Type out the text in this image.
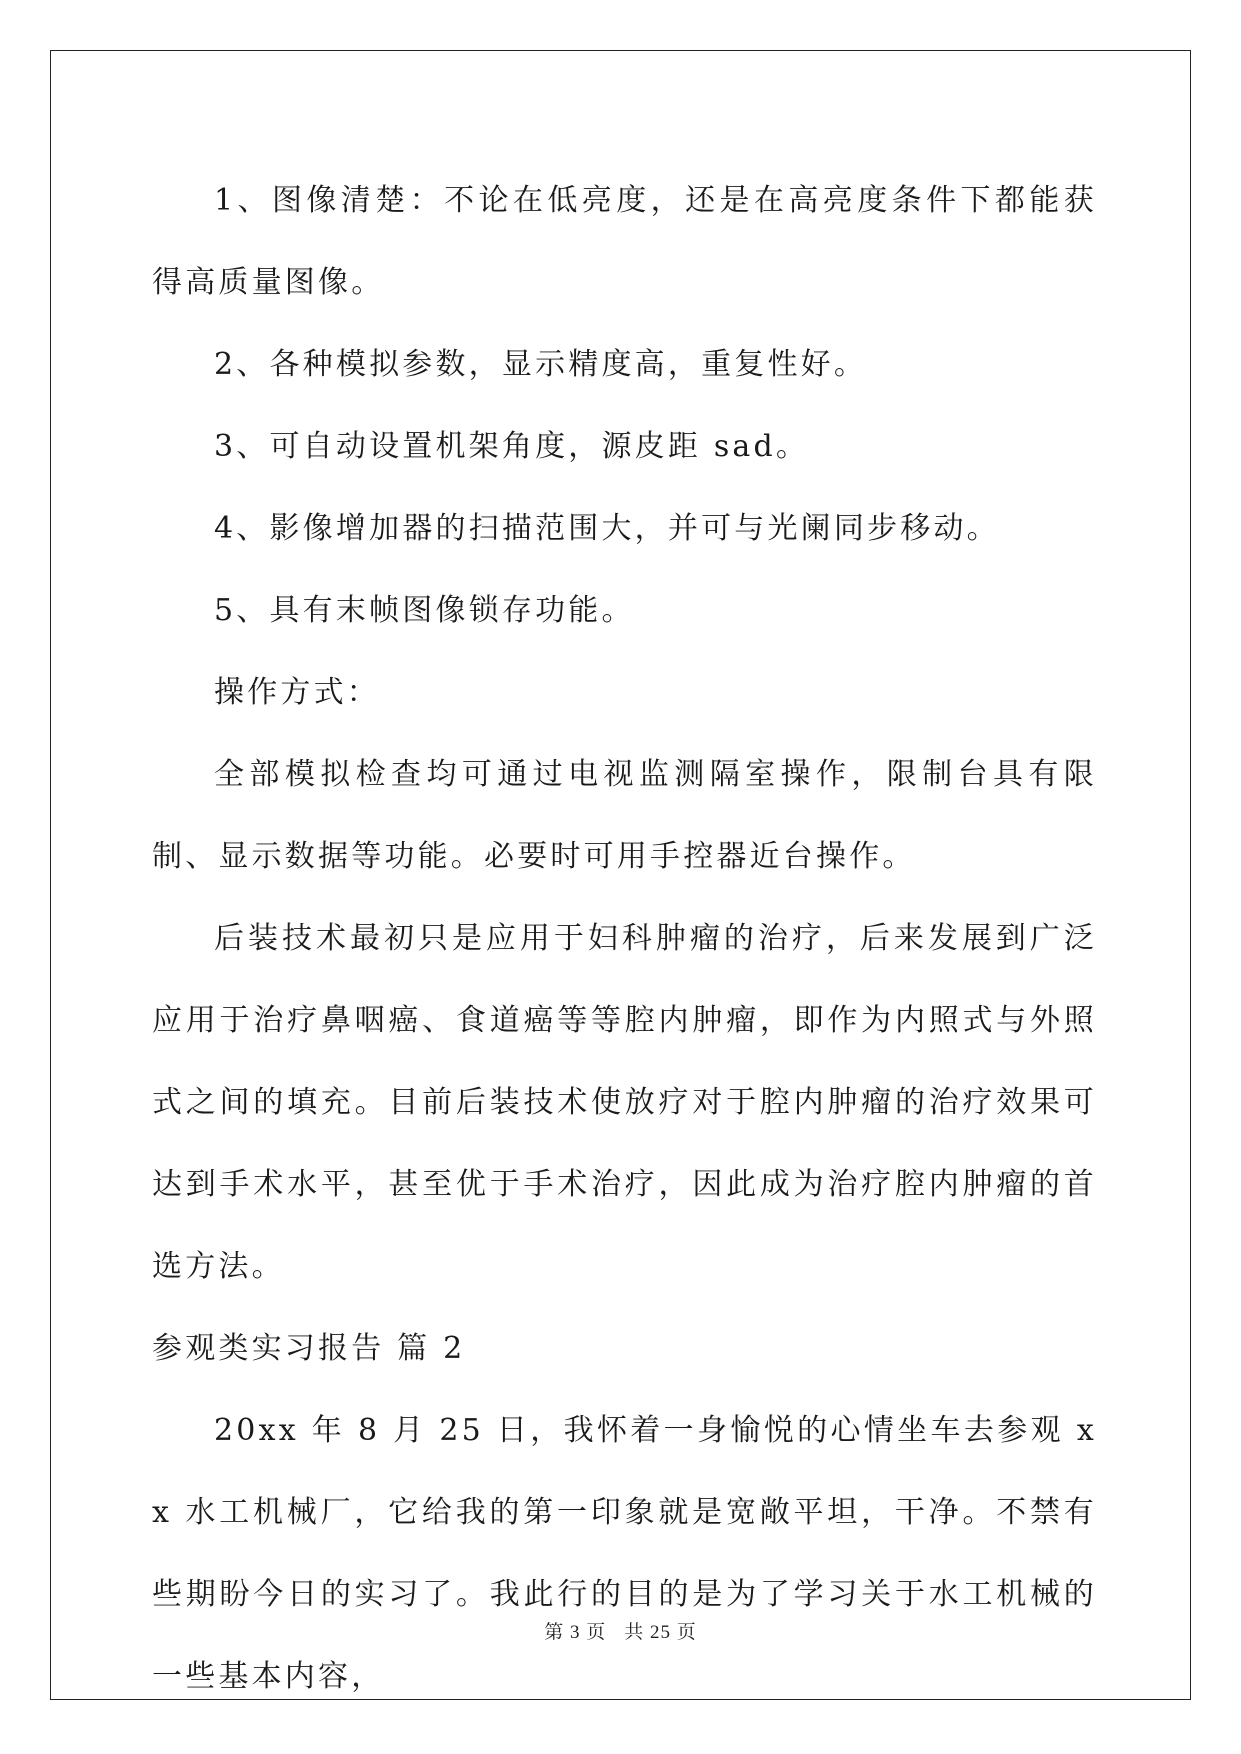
1、图像清楚：不论在低亮度，还是在高亮度条件下都能获得高质量图像。

2、各种模拟参数，显示精度高，重复性好。

3、可自动设置机架角度，源皮距 sad。

4、影像增加器的扫描范围大，并可与光阑同步移动。

5、具有末帧图像锁存功能。

操作方式：

全部模拟检查均可通过电视监测隔室操作，限制台具有限制、显示数据等功能。必要时可用手控器近台操作。

后装技术最初只是应用于妇科肿瘤的治疗，后来发展到广泛应用于治疗鼻咽癌、食道癌等等腔内肿瘤，即作为内照式与外照式之间的填充。目前后装技术使放疗对于腔内肿瘤的治疗效果可达到手术水平，甚至优于手术治疗，因此成为治疗腔内肿瘤的首选方法。

参观类实习报告 篇 2

20xx 年 8 月 25 日，我怀着一身愉悦的心情坐车去参观 x x 水工机械厂，它给我的第一印象就是宽敞平坦，干净。不禁有些期盼今日的实习了。我此行的目的是为了学习关于水工机械的一些基本内容，

第 3 页 共 25 页
